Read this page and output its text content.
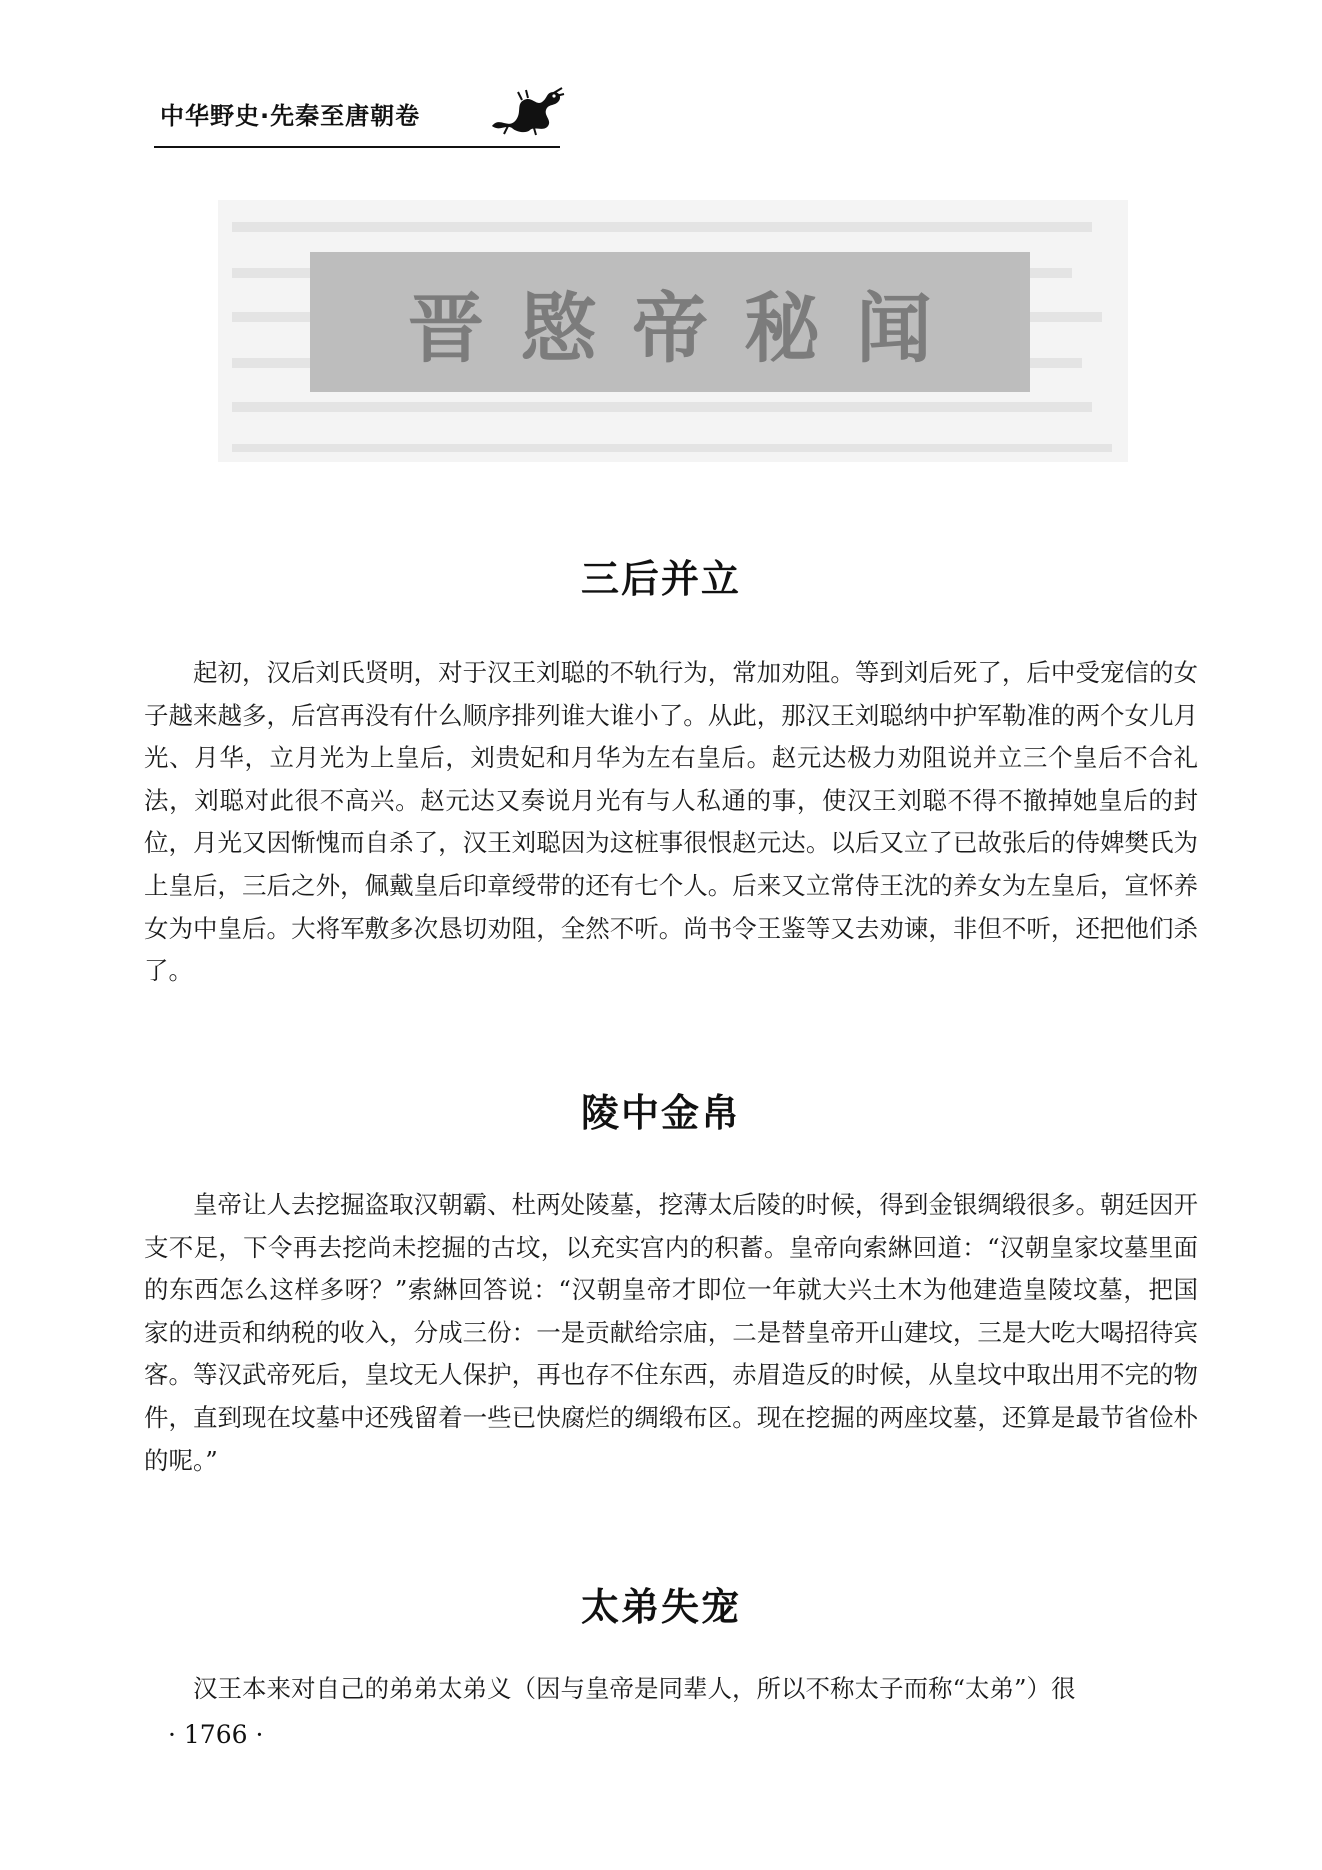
中华野史·先秦至唐朝卷
晋愍帝秘闻
三后并立

起初，汉后刘氏贤明，对于汉王刘聪的不轨行为，常加劝阻。等到刘后死了，后中受宠信的女子越来越多，后宫再没有什么顺序排列谁大谁小了。从此，那汉王刘聪纳中护军勒准的两个女儿月光、月华，立月光为上皇后，刘贵妃和月华为左右皇后。赵元达极力劝阻说并立三个皇后不合礼法，刘聪对此很不高兴。赵元达又奏说月光有与人私通的事，使汉王刘聪不得不撤掉她皇后的封位，月光又因惭愧而自杀了，汉王刘聪因为这桩事很恨赵元达。以后又立了已故张后的侍婢樊氏为上皇后，三后之外，佩戴皇后印章绶带的还有七个人。后来又立常侍王沈的养女为左皇后，宣怀养女为中皇后。大将军敷多次恳切劝阻，全然不听。尚书令王鉴等又去劝谏，非但不听，还把他们杀了。

陵中金帛

皇帝让人去挖掘盗取汉朝霸、杜两处陵墓，挖薄太后陵的时候，得到金银绸缎很多。朝廷因开支不足，下令再去挖尚未挖掘的古坟，以充实宫内的积蓄。皇帝向索綝回道：“汉朝皇家坟墓里面的东西怎么这样多呀？”索綝回答说：“汉朝皇帝才即位一年就大兴土木为他建造皇陵坟墓，把国家的进贡和纳税的收入，分成三份：一是贡献给宗庙，二是替皇帝开山建坟，三是大吃大喝招待宾客。等汉武帝死后，皇坟无人保护，再也存不住东西，赤眉造反的时候，从皇坟中取出用不完的物件，直到现在坟墓中还残留着一些已快腐烂的绸缎布区。现在挖掘的两座坟墓，还算是最节省俭朴的呢。”

太弟失宠

汉王本来对自己的弟弟太弟义（因与皇帝是同辈人，所以不称太子而称“太弟”）很

· 1766 ·
